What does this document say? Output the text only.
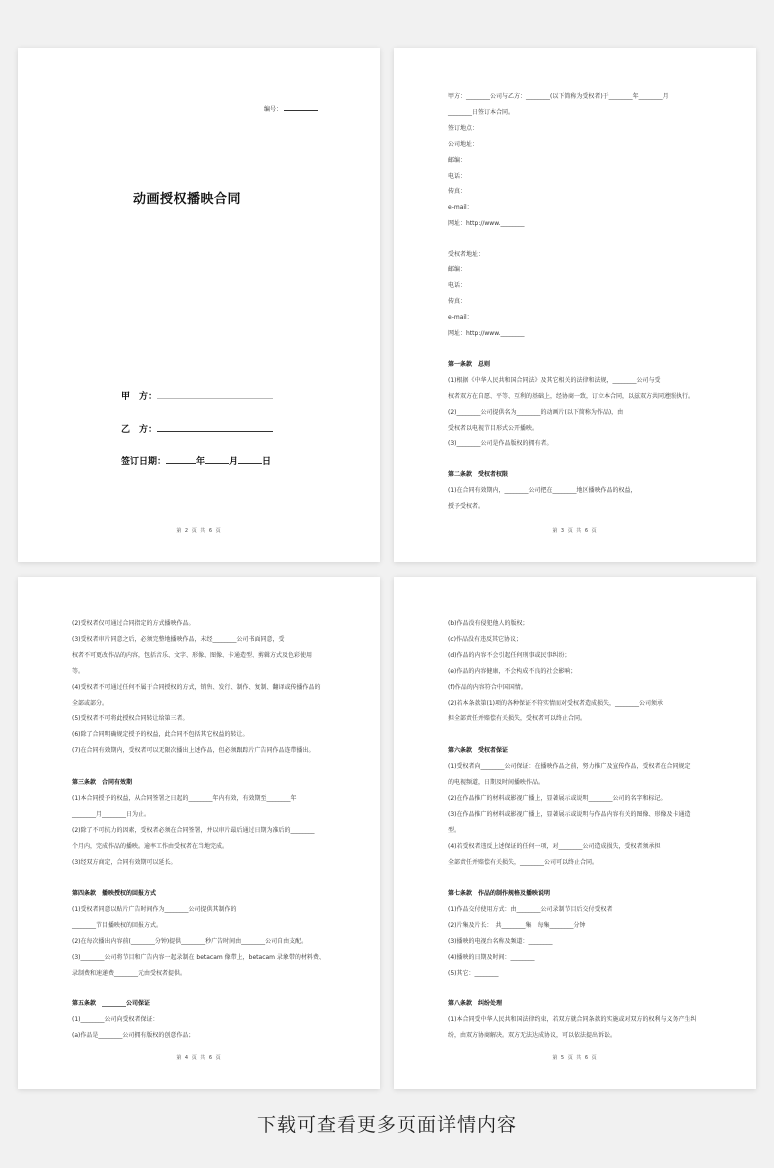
编号：
动画授权播映合同
甲　方：
乙　方：
签订日期：	年	月	日
第 2 页 共 6 页
甲方：________公司与乙方：________(以下简称为受权者)于________年________月
________日签订本合同。
签订地点：
公司地址：
邮编：
电话：
传真：
e-mail：
网址：http://www.________
受权者地址：
邮编：
电话：
传真：
e-mail：
网址：http://www.________
第一条款　总则
(1)根据《中华人民共和国合同法》及其它相关的法律和法规，________公司与受
权者双方在自愿、平等、互利的基础上，经协商一致，订立本合同，以兹双方共同遵照执行。
(2)________公司提供名为________的动画片(以下简称为作品)，由
受权者以电视节目形式公开播映。
(3)________公司是作品版权的拥有者。
第二条款　受权者权限
(1)在合同有效期内，________公司把在________地区播映作品的权益，
授予受权者。
第 3 页 共 6 页
(2)受权者仅可通过合同指定的方式播映作品。
(3)受权者审片同意之后，必须完整地播映作品，未经________公司书面同意，受
权者不可更改作品的内容，包括音乐、文字、形像、图像、卡通造型、剪辑方式及色彩使用
等。
(4)受权者不可通过任何不属于合同授权的方式，销售、发行、制作、复制、翻译或传播作品的
全部或部分。
(5)受权者不可将此授权合同转让给第三者。
(6)除了合同明确规定授予的权益，此合同不包括其它权益的转让。
(7)在合同有效期内，受权者可以无限次播出上述作品，但必须跟踪片广告同作品连带播出。
第三条款　合同有效期
(1)本合同授予的权益，从合同签署之日起的________年内有效，有效期至________年
________月________日为止。
(2)除了不可抗力的因素，受权者必须在合同签署，并以审片最后通过日期为准后的________
个月内，完成作品的播映。逾率工作由受权者在当地完成。
(3)经双方商定，合同有效期可以延长。
第四条款　播映授权的回报方式
(1)受权者同意以贴片广告时间作为________公司提供其制作的
________节目播映权的回报方式。
(2)在每次播出内容前(________分钟)提供________秒广告时间由________公司自由支配。
(3)________公司将节目和广告内容一起录制在 betacam 像带上，betacam 录象带的材料费、
录制费和速递费________元由受权者提供。
第五条款　________公司保证
(1)________公司向受权者保证：
(a)作品是________公司拥有版权的创意作品；
第 4 页 共 6 页
(b)作品没有侵犯他人的版权；
(c)作品没有违反其它协议；
(d)作品的内容不会引起任何刑事或民事纠纷；
(e)作品的内容健康，不会构成不良的社会影响；
(f)作品的内容符合中国国情。
(2)若本条款第(1)项的各种保证不符实情而对受权者造成损失，________公司须承
担全部责任并赔偿有关损失，受权者可以终止合同。
第六条款　受权者保证
(1)受权者向________公司保证：在播映作品之前，努力推广及宣传作品，受权者在合同规定
的电视频道，日期及时间播映作品。
(2)在作品推广的材料或影视广播上，显著展示或说明________公司的名字和标记。
(3)在作品推广的材料或影视广播上，显著展示或说明与作品内容有关的图像、形像及卡通造
型。
(4)若受权者违反上述保证的任何一项，对________公司造成损失，受权者须承担
全部责任并赔偿有关损失，________公司可以终止合同。
第七条款　作品的制作规格及播映说明
(1)作品交付使用方式：由________公司录制节目后交付受权者
(2)片集及片长：　共________集　每集________分钟
(3)播映的电视台名称及频道：________
(4)播映的日期及时间：________
(5)其它：________
第八条款　纠纷处理
(1)本合同受中华人民共和国法律约束，若双方就合同条款的实施或对双方的权利与义务产生纠
纷，由双方协商解决。双方无法达成协议，可以依法提出诉讼。
第 5 页 共 6 页
下载可查看更多页面详情内容
